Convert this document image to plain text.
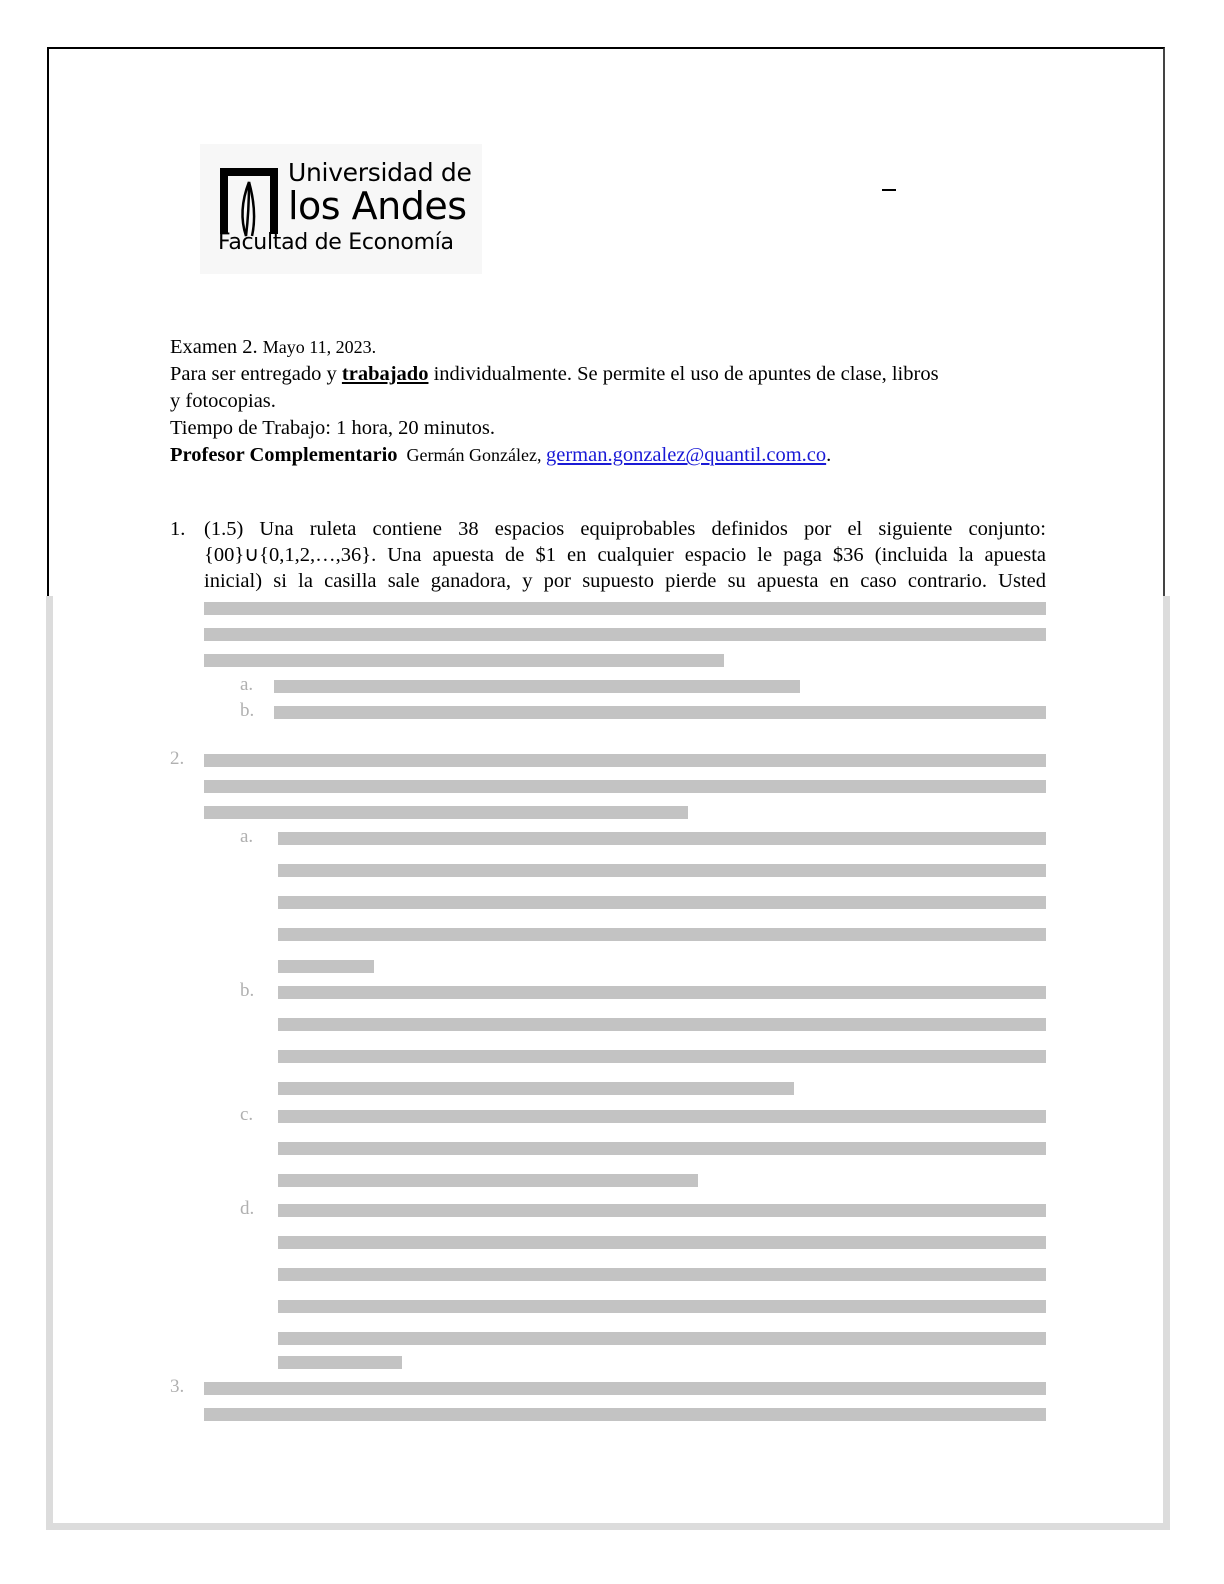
Universidad de
los Andes
Facultad de Economía

Examen 2. Mayo 11, 2023.

Para ser entregado y trabajado individualmente. Se permite el uso de apuntes de clase, libros

y fotocopias.

Tiempo de Trabajo: 1 hora, 20 minutos.

Profesor Complementario  Germán González, german.gonzalez@quantil.com.co.

1. (1.5) Una ruleta contiene 38 espacios equiprobables definidos por el siguiente conjunto:
{00}∪{0,1,2,…,36}. Una apuesta de $1 en cualquier espacio le paga $36 (incluida la apuesta
inicial) si la casilla sale ganadora, y por supuesto pierde su apuesta en caso contrario. Usted
a.
b.
2.
a.
b.
c.
d.
3.
